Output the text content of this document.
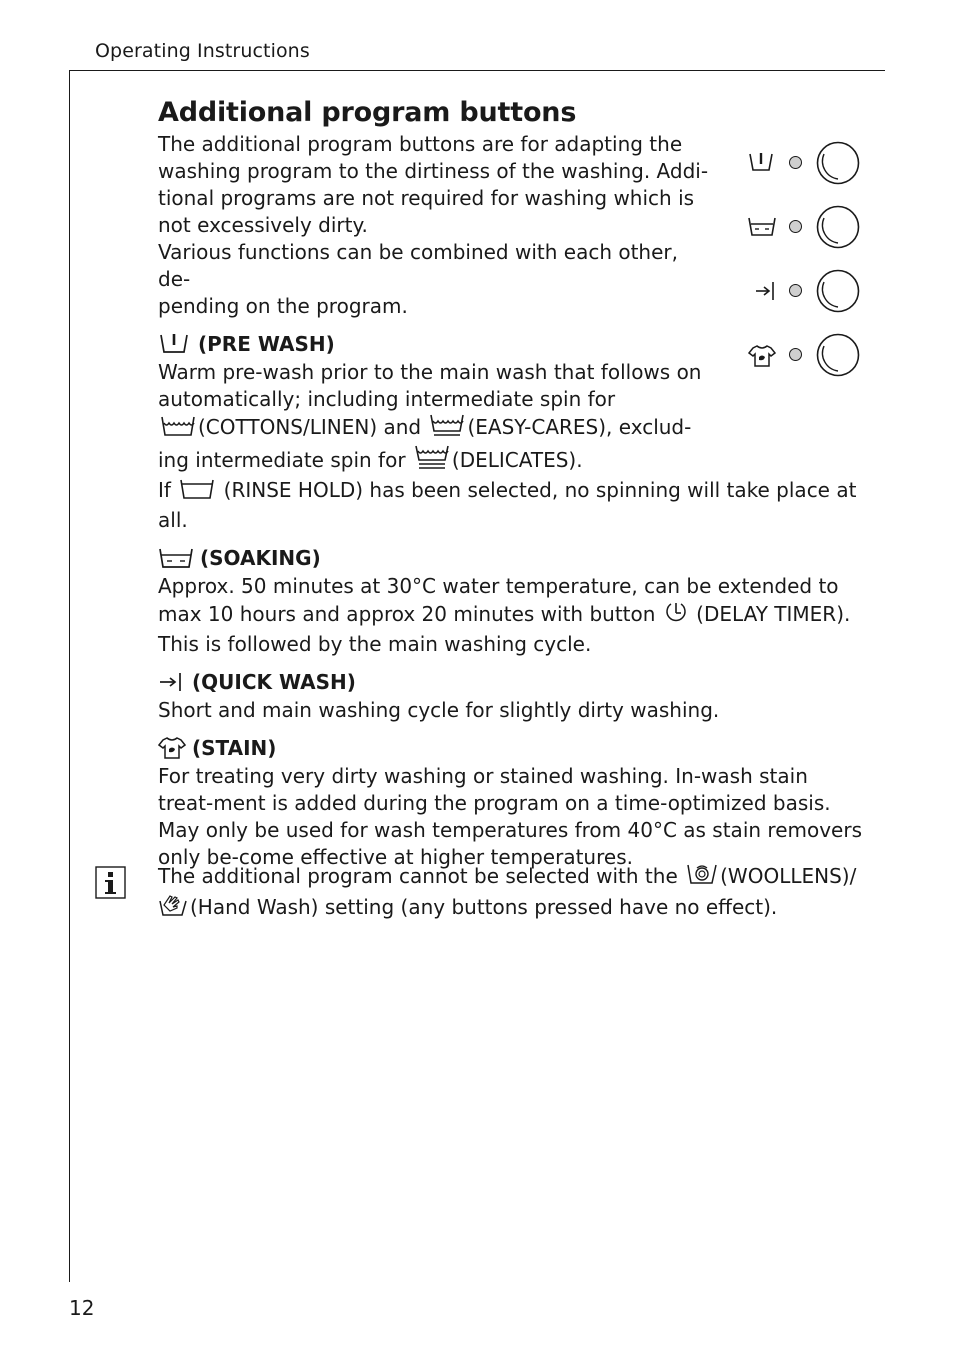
Operating Instructions
12
Additional program buttons

The additional program buttons are for adapting the

washing program to the dirtiness of the washing. Addi-

tional programs are not required for washing which is

not excessively dirty.

Various functions can be combined with each other, de-

pending on the program.

(PRE WASH)

Warm pre-wash prior to the main wash that follows on

automatically; including intermediate spin for

(COTTONS/LINEN) and (EASY-CARES), exclud-

ing intermediate spin for (DELICATES).

If	(RINSE HOLD) has been selected, no spinning will take place at all.

(SOAKING)

Approx. 50 minutes at 30°C water temperature, can be extended to max 10 hours and approx 20 minutes with button (DELAY TIMER). This is followed by the main washing cycle.

(QUICK WASH)

Short and main washing cycle for slightly dirty washing.

(STAIN)

For treating very dirty washing or stained washing. In-wash stain treat-ment is added during the program on a time-optimized basis. May only be used for wash temperatures from 40°C as stain removers only be-come effective at higher temperatures.

The additional program cannot be selected with the (WOOLLENS)/

(Hand Wash) setting (any buttons pressed have no effect).
